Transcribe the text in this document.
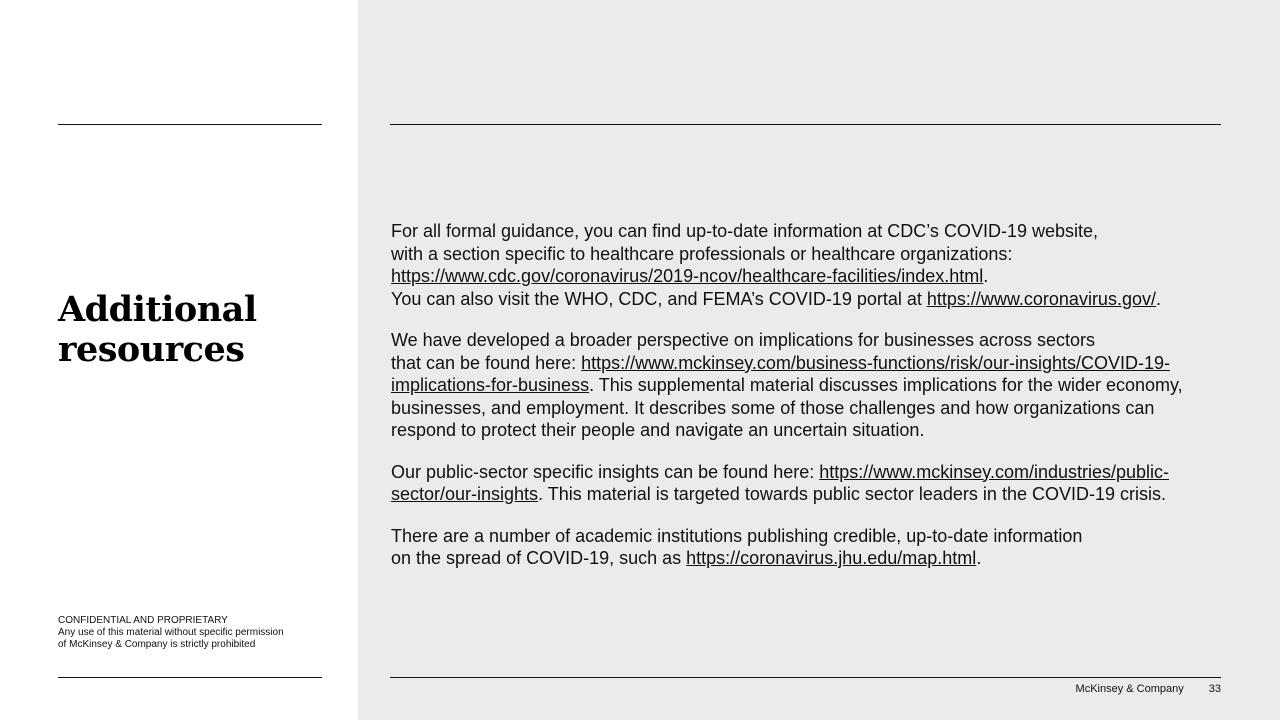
Additional
resources
CONFIDENTIAL AND PROPRIETARY
Any use of this material without specific permission
of McKinsey & Company is strictly prohibited

For all formal guidance, you can find up-to-date information at CDC’s COVID-19 website,
with a section specific to healthcare professionals or healthcare organizations:
https://www.cdc.gov/coronavirus/2019-ncov/healthcare-facilities/index.html.
You can also visit the WHO, CDC, and FEMA’s COVID-19 portal at https://www.coronavirus.gov/.

We have developed a broader perspective on implications for businesses across sectors
that can be found here: https://www.mckinsey.com/business-functions/risk/our-insights/COVID-19-
implications-for-business. This supplemental material discusses implications for the wider economy,
businesses, and employment. It describes some of those challenges and how organizations can
respond to protect their people and navigate an uncertain situation.

Our public-sector specific insights can be found here: https://www.mckinsey.com/industries/public-
sector/our-insights. This material is targeted towards public sector leaders in the COVID-19 crisis.

There are a number of academic institutions publishing credible, up-to-date information
on the spread of COVID-19, such as https://coronavirus.jhu.edu/map.html.

McKinsey & Company 33
